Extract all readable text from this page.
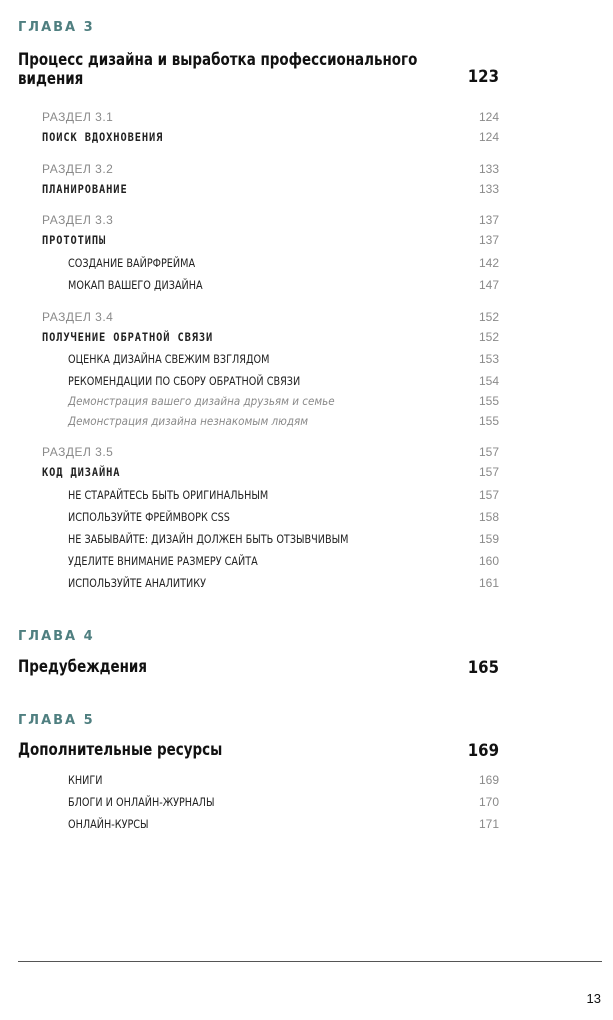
ГЛАВА 3
Процесс дизайна и выработка профессионального видения	123
РАЗДЕЛ 3.1	124
ПОИСК ВДОХНОВЕНИЯ	124
РАЗДЕЛ 3.2	133
ПЛАНИРОВАНИЕ	133
РАЗДЕЛ 3.3	137
ПРОТОТИПЫ	137
СОЗДАНИЕ ВАЙРФРЕЙМА	142
МОКАП ВАШЕГО ДИЗАЙНА	147
РАЗДЕЛ 3.4	152
ПОЛУЧЕНИЕ ОБРАТНОЙ СВЯЗИ	152
ОЦЕНКА ДИЗАЙНА СВЕЖИМ ВЗГЛЯДОМ	153
РЕКОМЕНДАЦИИ ПО СБОРУ ОБРАТНОЙ СВЯЗИ	154
Демонстрация вашего дизайна друзьям и семье	155
Демонстрация дизайна незнакомым людям	155
РАЗДЕЛ 3.5	157
КОД ДИЗАЙНА	157
НЕ СТАРАЙТЕСЬ БЫТЬ ОРИГИНАЛЬНЫМ	157
ИСПОЛЬЗУЙТЕ ФРЕЙМВОРК CSS	158
НЕ ЗАБЫВАЙТЕ: ДИЗАЙН ДОЛЖЕН БЫТЬ ОТЗЫВЧИВЫМ	159
УДЕЛИТЕ ВНИМАНИЕ РАЗМЕРУ САЙТА	160
ИСПОЛЬЗУЙТЕ АНАЛИТИКУ	161
ГЛАВА 4
Предубеждения	165
ГЛАВА 5
Дополнительные ресурсы	169
КНИГИ	169
БЛОГИ И ОНЛАЙН-ЖУРНАЛЫ	170
ОНЛАЙН-КУРСЫ	171
13
